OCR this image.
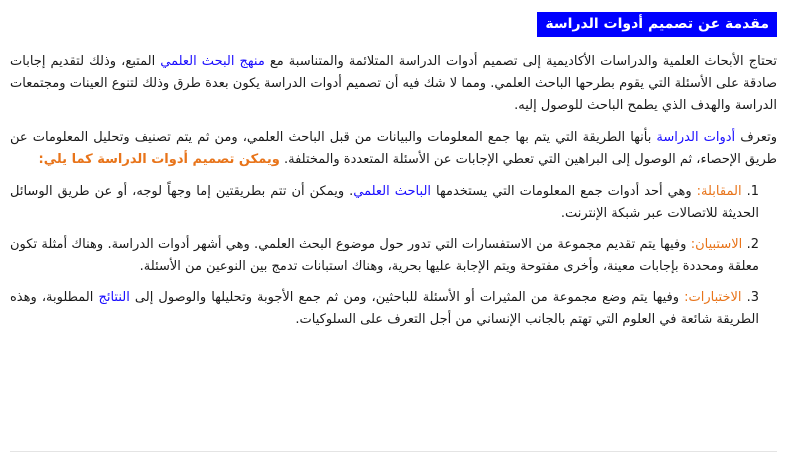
مقدمة عن تصميم أدوات الدراسة

تحتاج الأبحاث العلمية والدراسات الأكاديمية إلى تصميم أدوات الدراسة المتلائمة والمتناسبة مع منهج البحث العلمي المتبع، وذلك لتقديم إجابات صادقة على الأسئلة التي يقوم بطرحها الباحث العلمي. ومما لا شك فيه أن تصميم أدوات الدراسة يكون بعدة طرق وذلك لتنوع العينات ومجتمعات الدراسة والهدف الذي يطمح الباحث للوصول إليه.

وتعرف أدوات الدراسة بأنها الطريقة التي يتم بها جمع المعلومات والبيانات من قبل الباحث العلمي، ومن ثم يتم تصنيف وتحليل المعلومات عن طريق الإحصاء، ثم الوصول إلى البراهين التي تعطي الإجابات عن الأسئلة المتعددة والمختلفة. ويمكن تصميم أدوات الدراسة كما يلي:

1. المقابلة: وهي أحد أدوات جمع المعلومات التي يستخدمها الباحث العلمي. ويمكن أن تتم بطريقتين إما وجهاً لوجه، أو عن طريق الوسائل الحديثة للاتصالات عبر شبكة الإنترنت.
2. الاستبيان: وفيها يتم تقديم مجموعة من الاستفسارات التي تدور حول موضوع البحث العلمي. وهي أشهر أدوات الدراسة. وهناك أمثلة تكون معلقة ومحددة بإجابات معينة، وأخرى مفتوحة ويتم الإجابة عليها بحرية، وهناك استبانات تدمج بين النوعين من الأسئلة.
3. الاختبارات: وفيها يتم وضع مجموعة من المثيرات أو الأسئلة للباحثين، ومن ثم جمع الأجوبة وتحليلها والوصول إلى النتائج المطلوبة، وهذه الطريقة شائعة في العلوم التي تهتم بالجانب الإنساني من أجل التعرف على السلوكيات.
